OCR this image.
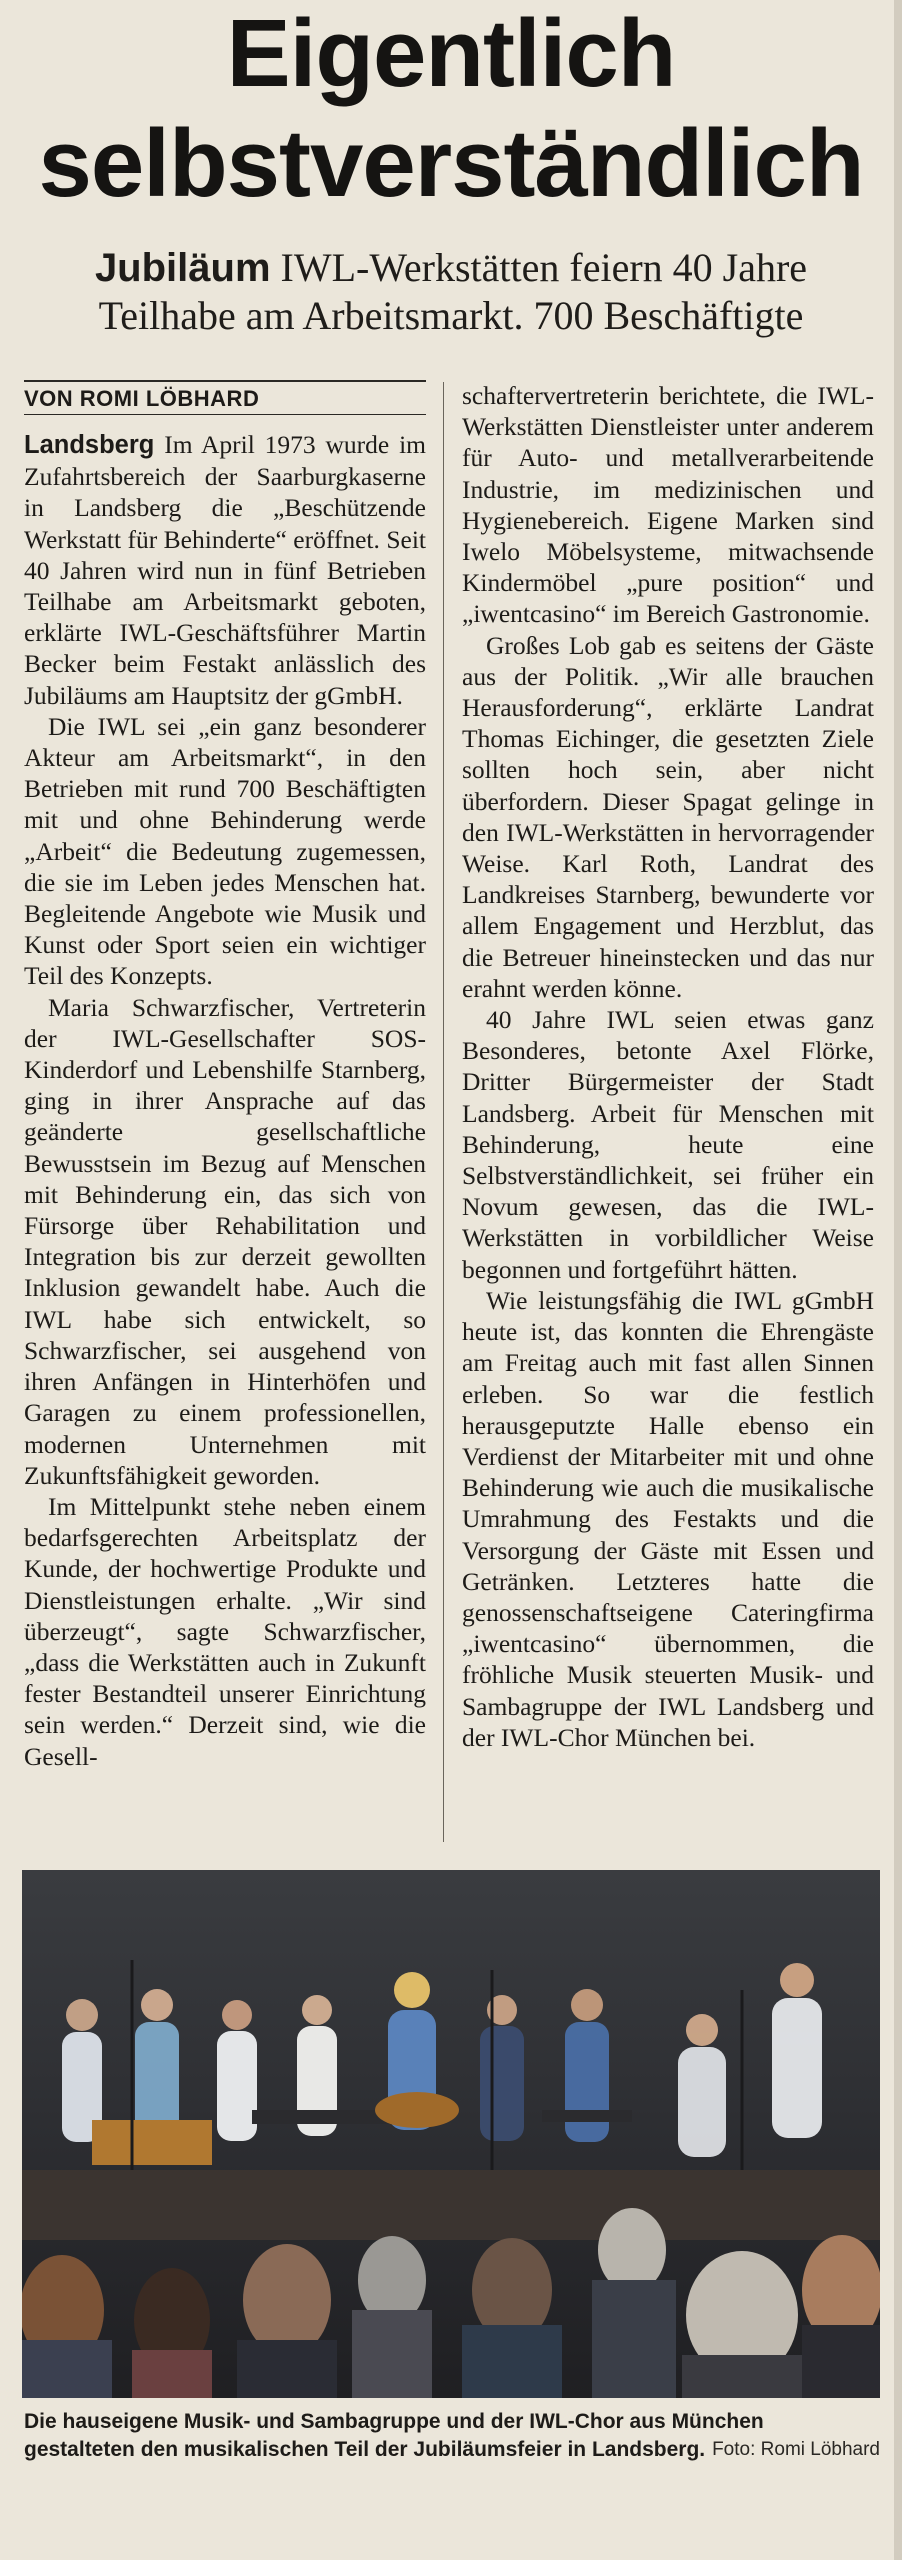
Eigentlich
selbstverständlich
Jubiläum IWL-Werkstätten feiern 40 Jahre
Teilhabe am Arbeitsmarkt. 700 Beschäftigte
VON ROMI LÖBHARD

Landsberg Im April 1973 wurde im Zufahrtsbereich der Saarburgkaserne in Landsberg die „Beschützende Werkstatt für Behinderte“ eröffnet. Seit 40 Jahren wird nun in fünf Betrieben Teilhabe am Arbeitsmarkt geboten, erklärte IWL-Geschäftsführer Martin Becker beim Festakt anlässlich des Jubiläums am Hauptsitz der gGmbH.

Die IWL sei „ein ganz besonderer Akteur am Arbeitsmarkt“, in den Betrieben mit rund 700 Beschäftigten mit und ohne Behinderung werde „Arbeit“ die Bedeutung zugemessen, die sie im Leben jedes Menschen hat. Begleitende Angebote wie Musik und Kunst oder Sport seien ein wichtiger Teil des Konzepts.

Maria Schwarzfischer, Vertreterin der IWL-Gesellschafter SOS-Kinderdorf und Lebenshilfe Starnberg, ging in ihrer Ansprache auf das geänderte gesellschaftliche Bewusstsein im Bezug auf Menschen mit Behinderung ein, das sich von Fürsorge über Rehabilitation und Integration bis zur derzeit gewollten Inklusion gewandelt habe. Auch die IWL habe sich entwickelt, so Schwarzfischer, sei ausgehend von ihren Anfängen in Hinterhöfen und Garagen zu einem professionellen, modernen Unternehmen mit Zukunftsfähigkeit geworden.

Im Mittelpunkt stehe neben einem bedarfsgerechten Arbeitsplatz der Kunde, der hochwertige Produkte und Dienstleistungen erhalte. „Wir sind überzeugt“, sagte Schwarzfischer, „dass die Werkstätten auch in Zukunft fester Bestandteil unserer Einrichtung sein werden.“ Derzeit sind, wie die Gesell-

schaftervertreterin berichtete, die IWL-Werkstätten Dienstleister unter anderem für Auto- und metallverarbeitende Industrie, im medizinischen und Hygienebereich. Eigene Marken sind Iwelo Möbelsysteme, mitwachsende Kindermöbel „pure position“ und „iwentcasino“ im Bereich Gastronomie.

Großes Lob gab es seitens der Gäste aus der Politik. „Wir alle brauchen Herausforderung“, erklärte Landrat Thomas Eichinger, die gesetzten Ziele sollten hoch sein, aber nicht überfordern. Dieser Spagat gelinge in den IWL-Werkstätten in hervorragender Weise. Karl Roth, Landrat des Landkreises Starnberg, bewunderte vor allem Engagement und Herzblut, das die Betreuer hineinstecken und das nur erahnt werden könne.

40 Jahre IWL seien etwas ganz Besonderes, betonte Axel Flörke, Dritter Bürgermeister der Stadt Landsberg. Arbeit für Menschen mit Behinderung, heute eine Selbstverständlichkeit, sei früher ein Novum gewesen, das die IWL-Werkstätten in vorbildlicher Weise begonnen und fortgeführt hätten.

Wie leistungsfähig die IWL gGmbH heute ist, das konnten die Ehrengäste am Freitag auch mit fast allen Sinnen erleben. So war die festlich herausgeputzte Halle ebenso ein Verdienst der Mitarbeiter mit und ohne Behinderung wie auch die musikalische Umrahmung des Festakts und die Versorgung der Gäste mit Essen und Getränken. Letzteres hatte die genossenschaftseigene Cateringfirma „iwentcasino“ übernommen, die fröhliche Musik steuerten Musik- und Sambagruppe der IWL Landsberg und der IWL-Chor München bei.

Die hauseigene Musik- und Sambagruppe und der IWL-Chor aus München gestalteten den musikalischen Teil der Jubiläumsfeier in Landsberg. Foto: Romi Löbhard
